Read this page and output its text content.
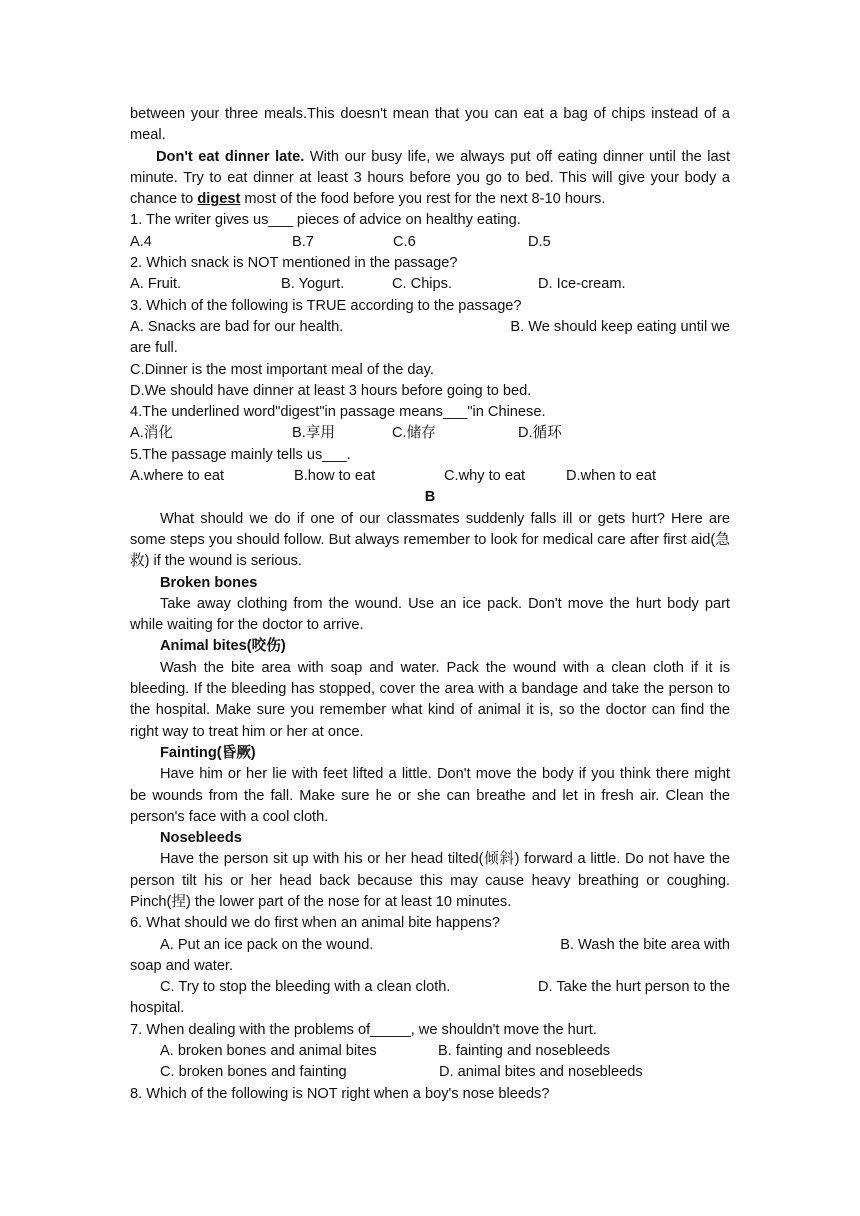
between your three meals.This doesn't mean that you can eat a bag of chips instead of a meal.

Don't eat dinner late. With our busy life, we always put off eating dinner until the last minute. Try to eat dinner at least 3 hours before you go to bed. This will give your body a chance to digest most of the food before you rest for the next 8-10 hours.

1. The writer gives us___ pieces of advice on healthy eating.

A.4	B.7	C.6	D.5

2. Which snack is NOT mentioned in the passage?

A. Fruit.	B. Yogurt.	C. Chips.	D. Ice-cream.

3. Which of the following is TRUE according to the passage?

A. Snacks are bad for our health.	B. We should keep eating until we

are full.

C.Dinner is the most important meal of the day.

D.We should have dinner at least 3 hours before going to bed.

4.The underlined word"digest"in passage means___"in Chinese.

A.消化	B.享用	C.储存	D.循环

5.The passage mainly tells us___.

A.where to eat	B.how to eat	C.why to eat	D.when to eat

B

What should we do if one of our classmates suddenly falls ill or gets hurt? Here are some steps you should follow. But always remember to look for medical care after first aid(急救) if the wound is serious.

Broken bones

Take away clothing from the wound. Use an ice pack. Don't move the hurt body part while waiting for the doctor to arrive.

Animal bites(咬伤)

Wash the bite area with soap and water. Pack the wound with a clean cloth if it is bleeding. If the bleeding has stopped, cover the area with a bandage and take the person to the hospital. Make sure you remember what kind of animal it is, so the doctor can find the right way to treat him or her at once.

Fainting(昏厥)

Have him or her lie with feet lifted a little. Don't move the body if you think there might be wounds from the fall. Make sure he or she can breathe and let in fresh air. Clean the person's face with a cool cloth.

Nosebleeds

Have the person sit up with his or her head tilted(倾斜) forward a little. Do not have the person tilt his or her head back because this may cause heavy breathing or coughing. Pinch(捏) the lower part of the nose for at least 10 minutes.

6. What should we do first when an animal bite happens?

A. Put an ice pack on the wound.	B. Wash the bite area with

soap and water.

C. Try to stop the bleeding with a clean cloth.	D. Take the hurt person to the

hospital.

7. When dealing with the problems of_____, we shouldn't move the hurt.

A. broken bones and animal bites	B. fainting and nosebleeds
C. broken bones and fainting	D. animal bites and nosebleeds

8. Which of the following is NOT right when a boy's nose bleeds?
